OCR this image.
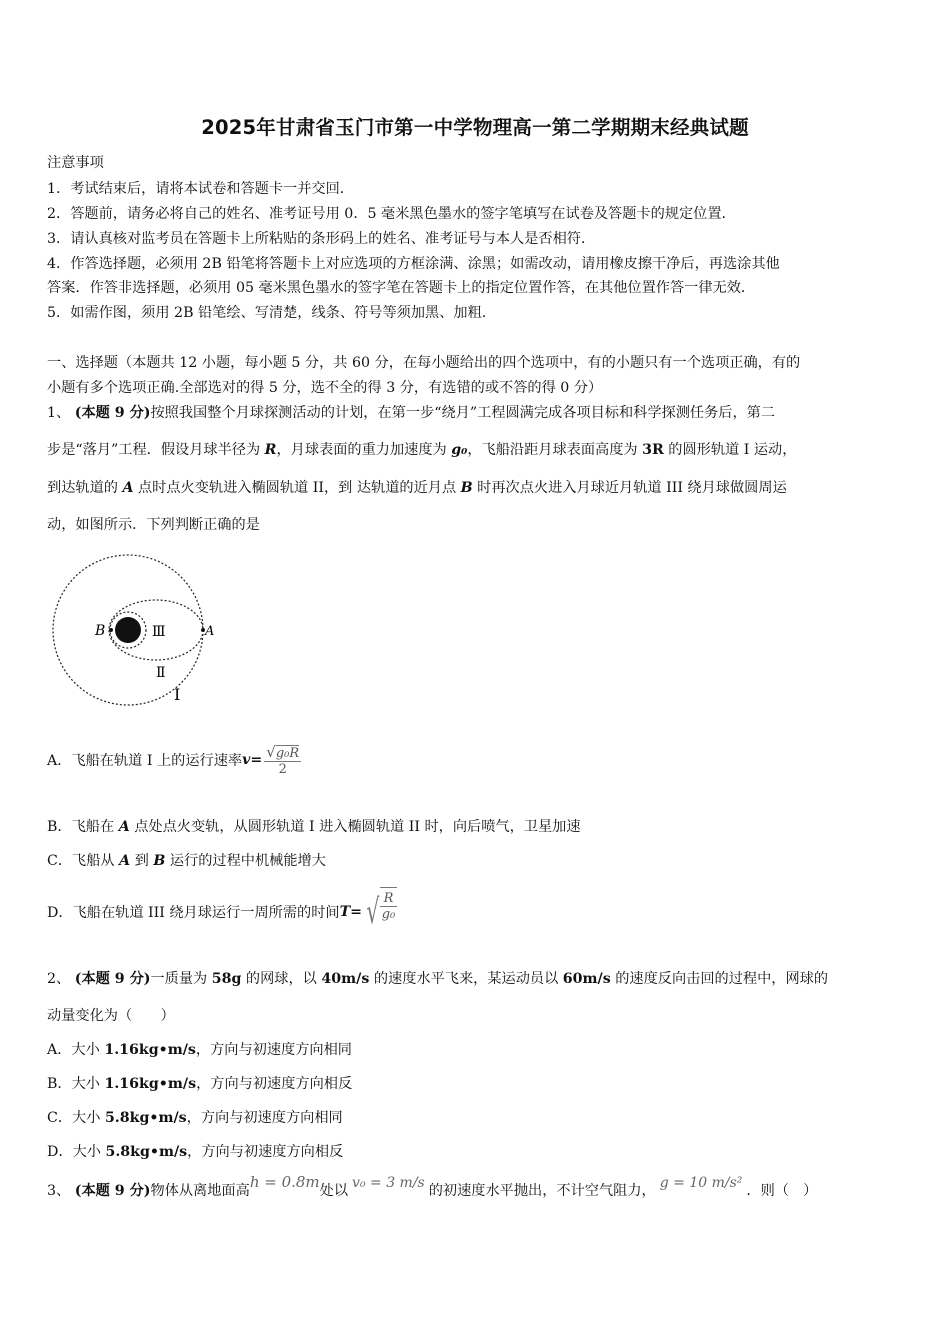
2025年甘肃省玉门市第一中学物理高一第二学期期末经典试题
注意事项
1．考试结束后，请将本试卷和答题卡一并交回．
2．答题前，请务必将自己的姓名、准考证号用 0．5 毫米黑色墨水的签字笔填写在试卷及答题卡的规定位置．
3．请认真核对监考员在答题卡上所粘贴的条形码上的姓名、准考证号与本人是否相符．
4．作答选择题，必须用 2B 铅笔将答题卡上对应选项的方框涂满、涂黑；如需改动，请用橡皮擦干净后，再选涂其他
答案．作答非选择题，必须用 05 毫米黑色墨水的签字笔在答题卡上的指定位置作答，在其他位置作答一律无效．
5．如需作图，须用 2B 铅笔绘、写清楚，线条、符号等须加黑、加粗．
一、选择题（本题共 12 小题，每小题 5 分，共 60 分，在每小题给出的四个选项中，有的小题只有一个选项正确，有的
小题有多个选项正确.全部选对的得 5 分，选不全的得 3 分，有选错的或不答的得 0 分）
1、 (本题 9 分)按照我国整个月球探测活动的计划，在第一步“绕月”工程圆满完成各项目标和科学探测任务后，第二
步是“落月”工程．假设月球半径为 R，月球表面的重力加速度为 g₀，飞船沿距月球表面高度为 3R 的圆形轨道 I 运动，
到达轨道的 A 点时点火变轨进入椭圆轨道 II，到 达轨道的近月点 B 时再次点火进入月球近月轨道 III 绕月球做圆周运
动，如图所示．下列判断正确的是
B	A
Ⅲ
Ⅱ
Ⅰ
A．飞船在轨道 I 上的运行速率 $v = \frac{\text{√g₀R}}{2}$
B．飞船在 A 点处点火变轨，从圆形轨道 I 进入椭圆轨道 II 时，向后喷气，卫星加速
C．飞船从 A 到 B 运行的过程中机械能增大
D．飞船在轨道 III 绕月球运行一周所需的时间 T = √ $\frac{R}{\text{g₀}}$
2、 (本题 9 分)一质量为 58g 的网球，以 40m/s 的速度水平飞来，某运动员以 60m/s 的速度反向击回的过程中，网球的
动量变化为（　　）
A．大小 1.16kg•m/s，方向与初速度方向相同
B．大小 1.16kg•m/s，方向与初速度方向相反
C．大小 5.8kg•m/s，方向与初速度方向相同
D．大小 5.8kg•m/s，方向与初速度方向相反
3、
(本题 9 分) 物体从离地面高 h = 0.8m 处以 v₀ = 3 m/s 的初速度水平抛出，不计空气阻力， g = 10 m/s² ．则（　）
